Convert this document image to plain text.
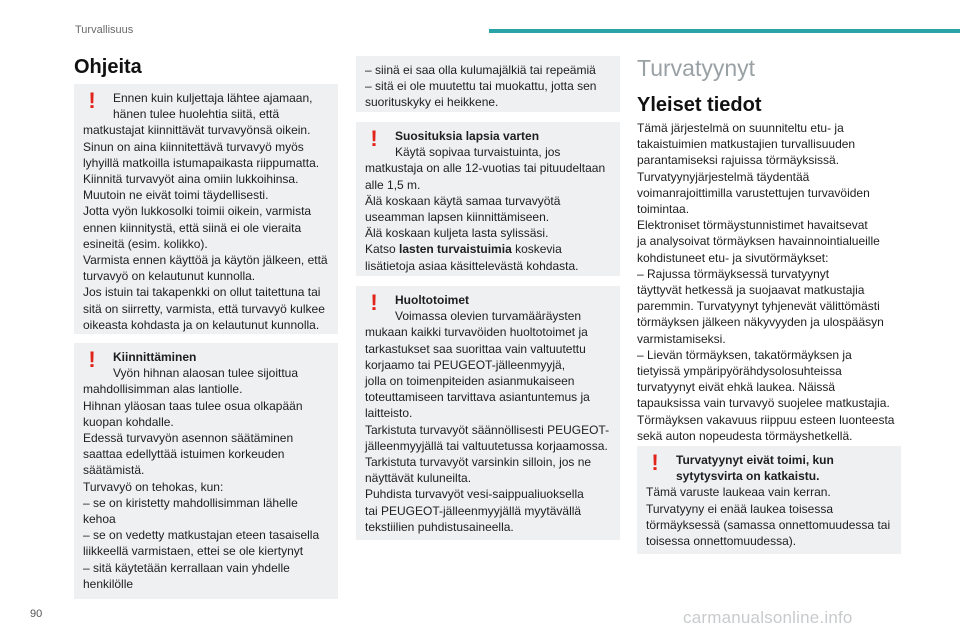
Turvallisuus
Ohjeita
!	Ennen kuin kuljettaja lähtee ajamaan,
hänen tulee huolehtia siitä, että
matkustajat kiinnittävät turvavyönsä oikein.
Sinun on aina kiinnitettävä turvavyö myös
lyhyillä matkoilla istumapaikasta riippumatta.
Kiinnitä turvavyöt aina omiin lukkoihinsa.
Muutoin ne eivät toimi täydellisesti.
Jotta vyön lukkosolki toimii oikein, varmista
ennen kiinnitystä, että siinä ei ole vieraita
esineitä (esim. kolikko).
Varmista ennen käyttöä ja käytön jälkeen, että
turvavyö on kelautunut kunnolla.
Jos istuin tai takapenkki on ollut taitettuna tai
sitä on siirretty, varmista, että turvavyö kulkee
oikeasta kohdasta ja on kelautunut kunnolla.
!	Kiinnittäminen
Vyön hihnan alaosan tulee sijoittua
mahdollisimman alas lantiolle.
Hihnan yläosan taas tulee osua olkapään
kuopan kohdalle.
Edessä turvavyön asennon säätäminen
saattaa edellyttää istuimen korkeuden
säätämistä.
Turvavyö on tehokas, kun:
– se on kiristetty mahdollisimman lähelle
kehoa
– se on vedetty matkustajan eteen tasaisella
liikkeellä varmistaen, ettei se ole kiertynyt
– sitä käytetään kerrallaan vain yhdelle
henkilölle
– siinä ei saa olla kulumajälkiä tai repeämiä
– sitä ei ole muutettu tai muokattu, jotta sen
suorituskyky ei heikkene.
!	Suosituksia lapsia varten
Käytä sopivaa turvaistuinta, jos
matkustaja on alle 12-vuotias tai pituudeltaan
alle 1,5 m.
Älä koskaan käytä samaa turvavyötä
useamman lapsen kiinnittämiseen.
Älä koskaan kuljeta lasta sylissäsi.
Katso lasten turvaistuimia koskevia
lisätietoja asiaa käsittelevästä kohdasta.
!	Huoltotoimet
Voimassa olevien turvamääräysten
mukaan kaikki turvavöiden huoltotoimet ja
tarkastukset saa suorittaa vain valtuutettu
korjaamo tai PEUGEOT-jälleenmyyjä,
jolla on toimenpiteiden asianmukaiseen
toteuttamiseen tarvittava asiantuntemus ja
laitteisto.
Tarkistuta turvavyöt säännöllisesti PEUGEOT-
jälleenmyyjällä tai valtuutetussa korjaamossa.
Tarkistuta turvavyöt varsinkin silloin, jos ne
näyttävät kuluneilta.
Puhdista turvavyöt vesi-saippualiuoksella
tai PEUGEOT-jälleenmyyjällä myytävällä
tekstiilien puhdistusaineella.
Turvatyynyt
Yleiset tiedot
Tämä järjestelmä on suunniteltu etu- ja
takaistuimien matkustajien turvallisuuden
parantamiseksi rajuissa törmäyksissä.
Turvatyynyjärjestelmä täydentää
voimanrajoittimilla varustettujen turvavöiden
toimintaa.
Elektroniset törmäystunnistimet havaitsevat
ja analysoivat törmäyksen havainnointialueille
kohdistuneet etu- ja sivutörmäykset:
– Rajussa törmäyksessä turvatyynyt
täyttyvät hetkessä ja suojaavat matkustajia
paremmin. Turvatyynyt tyhjenevät välittömästi
törmäyksen jälkeen näkyvyyden ja ulospääsyn
varmistamiseksi.
– Lievän törmäyksen, takatörmäyksen ja
tietyissä ympäripyörähdysolosuhteissa
turvatyynyt eivät ehkä laukea. Näissä
tapauksissa vain turvavyö suojelee matkustajia.
Törmäyksen vakavuus riippuu esteen luonteesta
sekä auton nopeudesta törmäyshetkellä.
!	Turvatyynyt eivät toimi, kun
sytytysvirta on katkaistu.
Tämä varuste laukeaa vain kerran.
Turvatyyny ei enää laukea toisessa
törmäyksessä (samassa onnettomuudessa tai
toisessa onnettomuudessa).
90	carmanualsonline.info
